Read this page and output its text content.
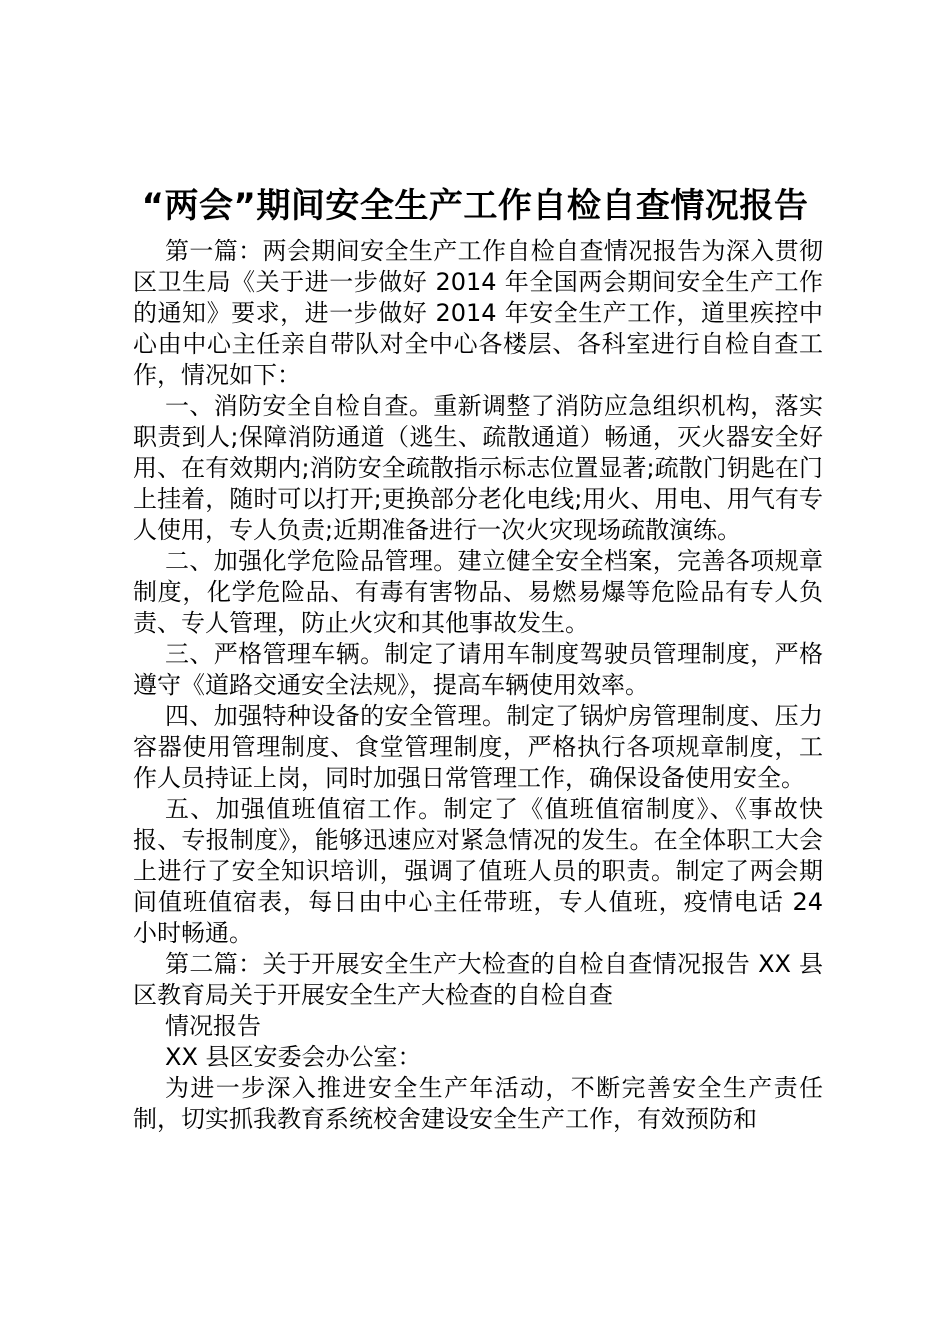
“两会”期间安全生产工作自检自查情况报告

第一篇：两会期间安全生产工作自检自查情况报告为深入贯彻区卫生局《关于进一步做好 2014 年全国两会期间安全生产工作的通知》要求，进一步做好 2014 年安全生产工作，道里疾控中心由中心主任亲自带队对全中心各楼层、各科室进行自检自查工作，情况如下：

一、消防安全自检自查。重新调整了消防应急组织机构，落实职责到人;保障消防通道（逃生、疏散通道）畅通，灭火器安全好用、在有效期内;消防安全疏散指示标志位置显著;疏散门钥匙在门上挂着，随时可以打开;更换部分老化电线;用火、用电、用气有专人使用，专人负责;近期准备进行一次火灾现场疏散演练。

二、加强化学危险品管理。建立健全安全档案，完善各项规章制度，化学危险品、有毒有害物品、易燃易爆等危险品有专人负责、专人管理，防止火灾和其他事故发生。

三、严格管理车辆。制定了请用车制度驾驶员管理制度，严格遵守《道路交通安全法规》，提高车辆使用效率。

四、加强特种设备的安全管理。制定了锅炉房管理制度、压力容器使用管理制度、食堂管理制度，严格执行各项规章制度，工作人员持证上岗，同时加强日常管理工作，确保设备使用安全。

五、加强值班值宿工作。制定了《值班值宿制度》、《事故快报、专报制度》，能够迅速应对紧急情况的发生。在全体职工大会上进行了安全知识培训，强调了值班人员的职责。制定了两会期间值班值宿表，每日由中心主任带班，专人值班，疫情电话 24 小时畅通。

第二篇：关于开展安全生产大检查的自检自查情况报告 XX 县区教育局关于开展安全生产大检查的自检自查

情况报告

XX 县区安委会办公室：

为进一步深入推进安全生产年活动，不断完善安全生产责任制，切实抓我教育系统校舍建设安全生产工作，有效预防和
